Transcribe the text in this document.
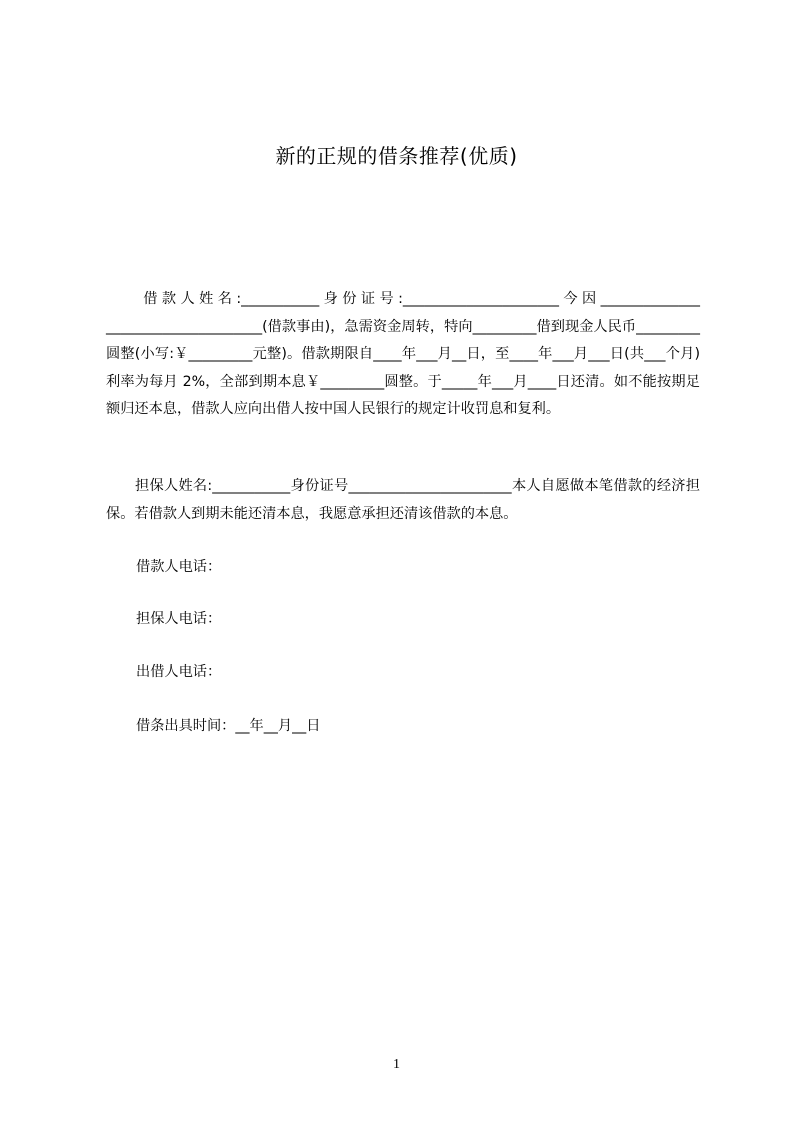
新的正规的借条推荐(优质)

　　借款人姓名:___________身份证号:______________________今因______________ ______________________(借款事由)，急需资金周转，特向_________借到现金人民币_________圆整(小写:￥_________元整)。借款期限自____年___月__日，至____年___月___日(共___个月)利率为每月 2%，全部到期本息￥_________圆整。于_____年___月____日还清。如不能按期足额归还本息，借款人应向出借人按中国人民银行的规定计收罚息和复利。

　　担保人姓名:___________身份证号_______________________本人自愿做本笔借款的经济担保。若借款人到期未能还清本息，我愿意承担还清该借款的本息。

借款人电话：
担保人电话：
出借人电话：
借条出具时间：__年__月__日
1
